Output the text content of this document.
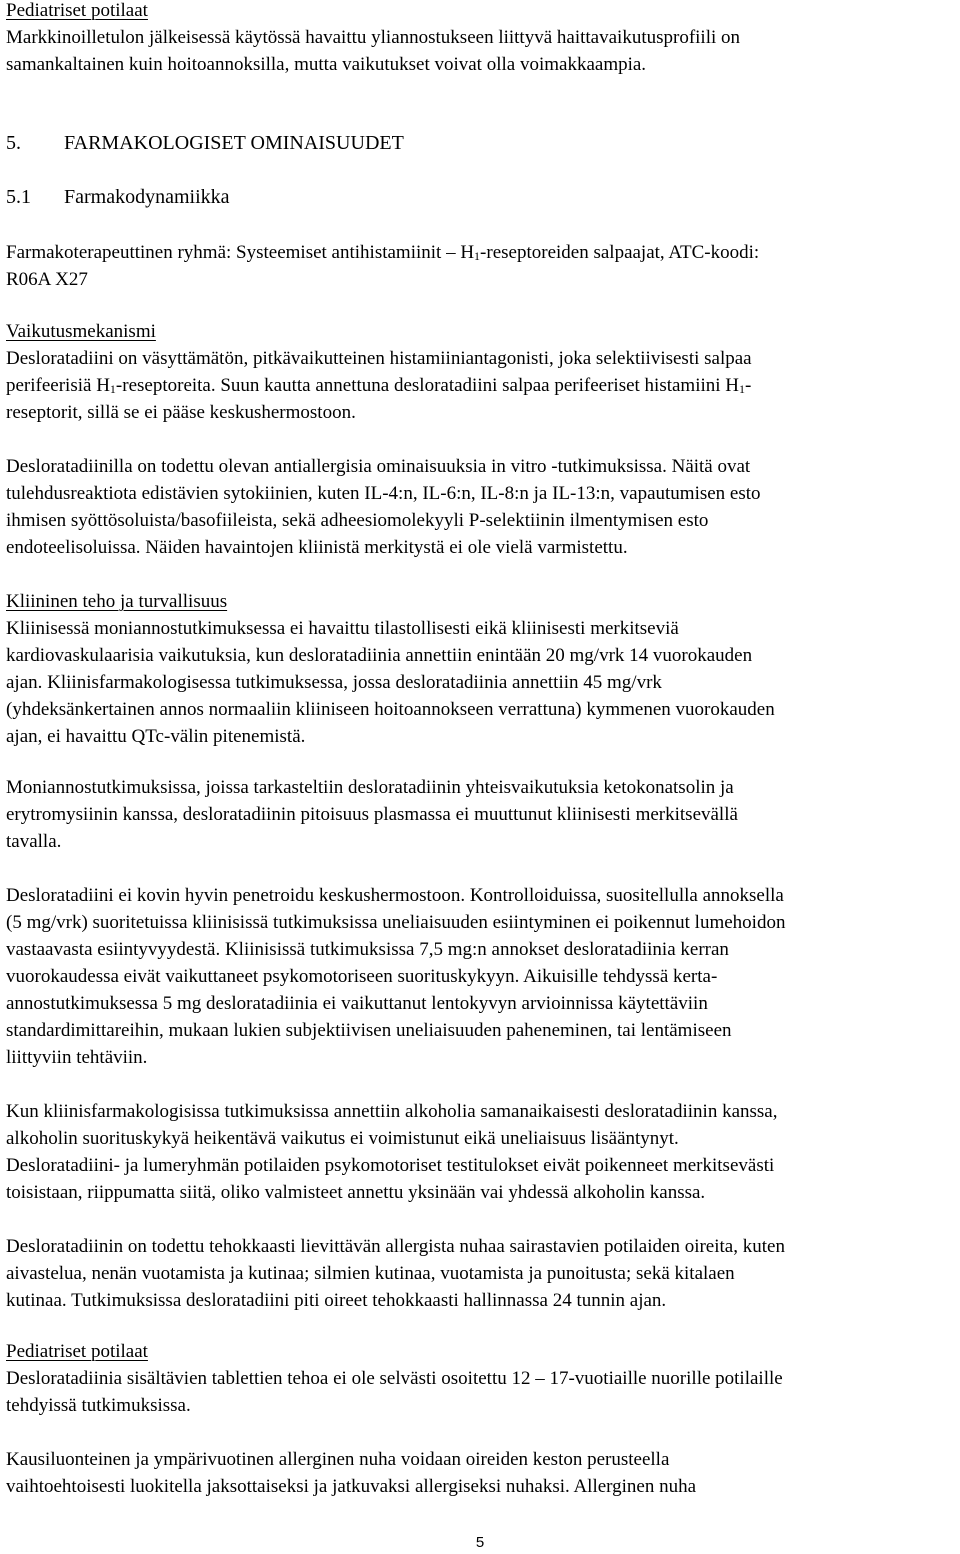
Pediatriset potilaat
Markkinoilletulon jälkeisessä käytössä havaittu yliannostukseen liittyvä haittavaikutusprofiili on
samankaltainen kuin hoitoannoksilla, mutta vaikutukset voivat olla voimakkaampia.
5. FARMAKOLOGISET OMINAISUUDET
5.1 Farmakodynamiikka
Farmakoterapeuttinen ryhmä: Systeemiset antihistamiinit – H1-reseptoreiden salpaajat, ATC-koodi:
R06A X27
Vaikutusmekanismi
Desloratadiini on väsyttämätön, pitkävaikutteinen histamiiniantagonisti, joka selektiivisesti salpaa
perifeerisiä H1-reseptoreita. Suun kautta annettuna desloratadiini salpaa perifeeriset histamiini H1-
reseptorit, sillä se ei pääse keskushermostoon.
Desloratadiinilla on todettu olevan antiallergisia ominaisuuksia in vitro -tutkimuksissa. Näitä ovat
tulehdusreaktiota edistävien sytokiinien, kuten IL-4:n, IL-6:n, IL-8:n ja IL-13:n, vapautumisen esto
ihmisen syöttösoluista/basofiileista, sekä adheesiomolekyyli P-selektiinin ilmentymisen esto
endoteelisoluissa. Näiden havaintojen kliinistä merkitystä ei ole vielä varmistettu.
Kliininen teho ja turvallisuus
Kliinisessä moniannostutkimuksessa ei havaittu tilastollisesti eikä kliinisesti merkitseviä
kardiovaskulaarisia vaikutuksia, kun desloratadiinia annettiin enintään 20 mg/vrk 14 vuorokauden
ajan. Kliinisfarmakologisessa tutkimuksessa, jossa desloratadiinia annettiin 45 mg/vrk
(yhdeksänkertainen annos normaaliin kliiniseen hoitoannokseen verrattuna) kymmenen vuorokauden
ajan, ei havaittu QTc-välin pitenemistä.
Moniannostutkimuksissa, joissa tarkasteltiin desloratadiinin yhteisvaikutuksia ketokonatsolin ja
erytromysiinin kanssa, desloratadiinin pitoisuus plasmassa ei muuttunut kliinisesti merkitsevällä
tavalla.
Desloratadiini ei kovin hyvin penetroidu keskushermostoon. Kontrolloiduissa, suositellulla annoksella
(5 mg/vrk) suoritetuissa kliinisissä tutkimuksissa uneliaisuuden esiintyminen ei poikennut lumehoidon
vastaavasta esiintyvyydestä. Kliinisissä tutkimuksissa 7,5 mg:n annokset desloratadiinia kerran
vuorokaudessa eivät vaikuttaneet psykomotoriseen suorituskykyyn. Aikuisille tehdyssä kerta-
annostutkimuksessa 5 mg desloratadiinia ei vaikuttanut lentokyvyn arvioinnissa käytettäviin
standardimittareihin, mukaan lukien subjektiivisen uneliaisuuden paheneminen, tai lentämiseen
liittyviin tehtäviin.
Kun kliinisfarmakologisissa tutkimuksissa annettiin alkoholia samanaikaisesti desloratadiinin kanssa,
alkoholin suorituskykyä heikentävä vaikutus ei voimistunut eikä uneliaisuus lisääntynyt.
Desloratadiini- ja lumeryhmän potilaiden psykomotoriset testitulokset eivät poikenneet merkitsevästi
toisistaan, riippumatta siitä, oliko valmisteet annettu yksinään vai yhdessä alkoholin kanssa.
Desloratadiinin on todettu tehokkaasti lievittävän allergista nuhaa sairastavien potilaiden oireita, kuten
aivastelua, nenän vuotamista ja kutinaa; silmien kutinaa, vuotamista ja punoitusta; sekä kitalaen
kutinaa. Tutkimuksissa desloratadiini piti oireet tehokkaasti hallinnassa 24 tunnin ajan.
Pediatriset potilaat
Desloratadiinia sisältävien tablettien tehoa ei ole selvästi osoitettu 12 – 17-vuotiaille nuorille potilaille
tehdyissä tutkimuksissa.
Kausiluonteinen ja ympärivuotinen allerginen nuha voidaan oireiden keston perusteella
vaihtoehtoisesti luokitella jaksottaiseksi ja jatkuvaksi allergiseksi nuhaksi. Allerginen nuha
5
